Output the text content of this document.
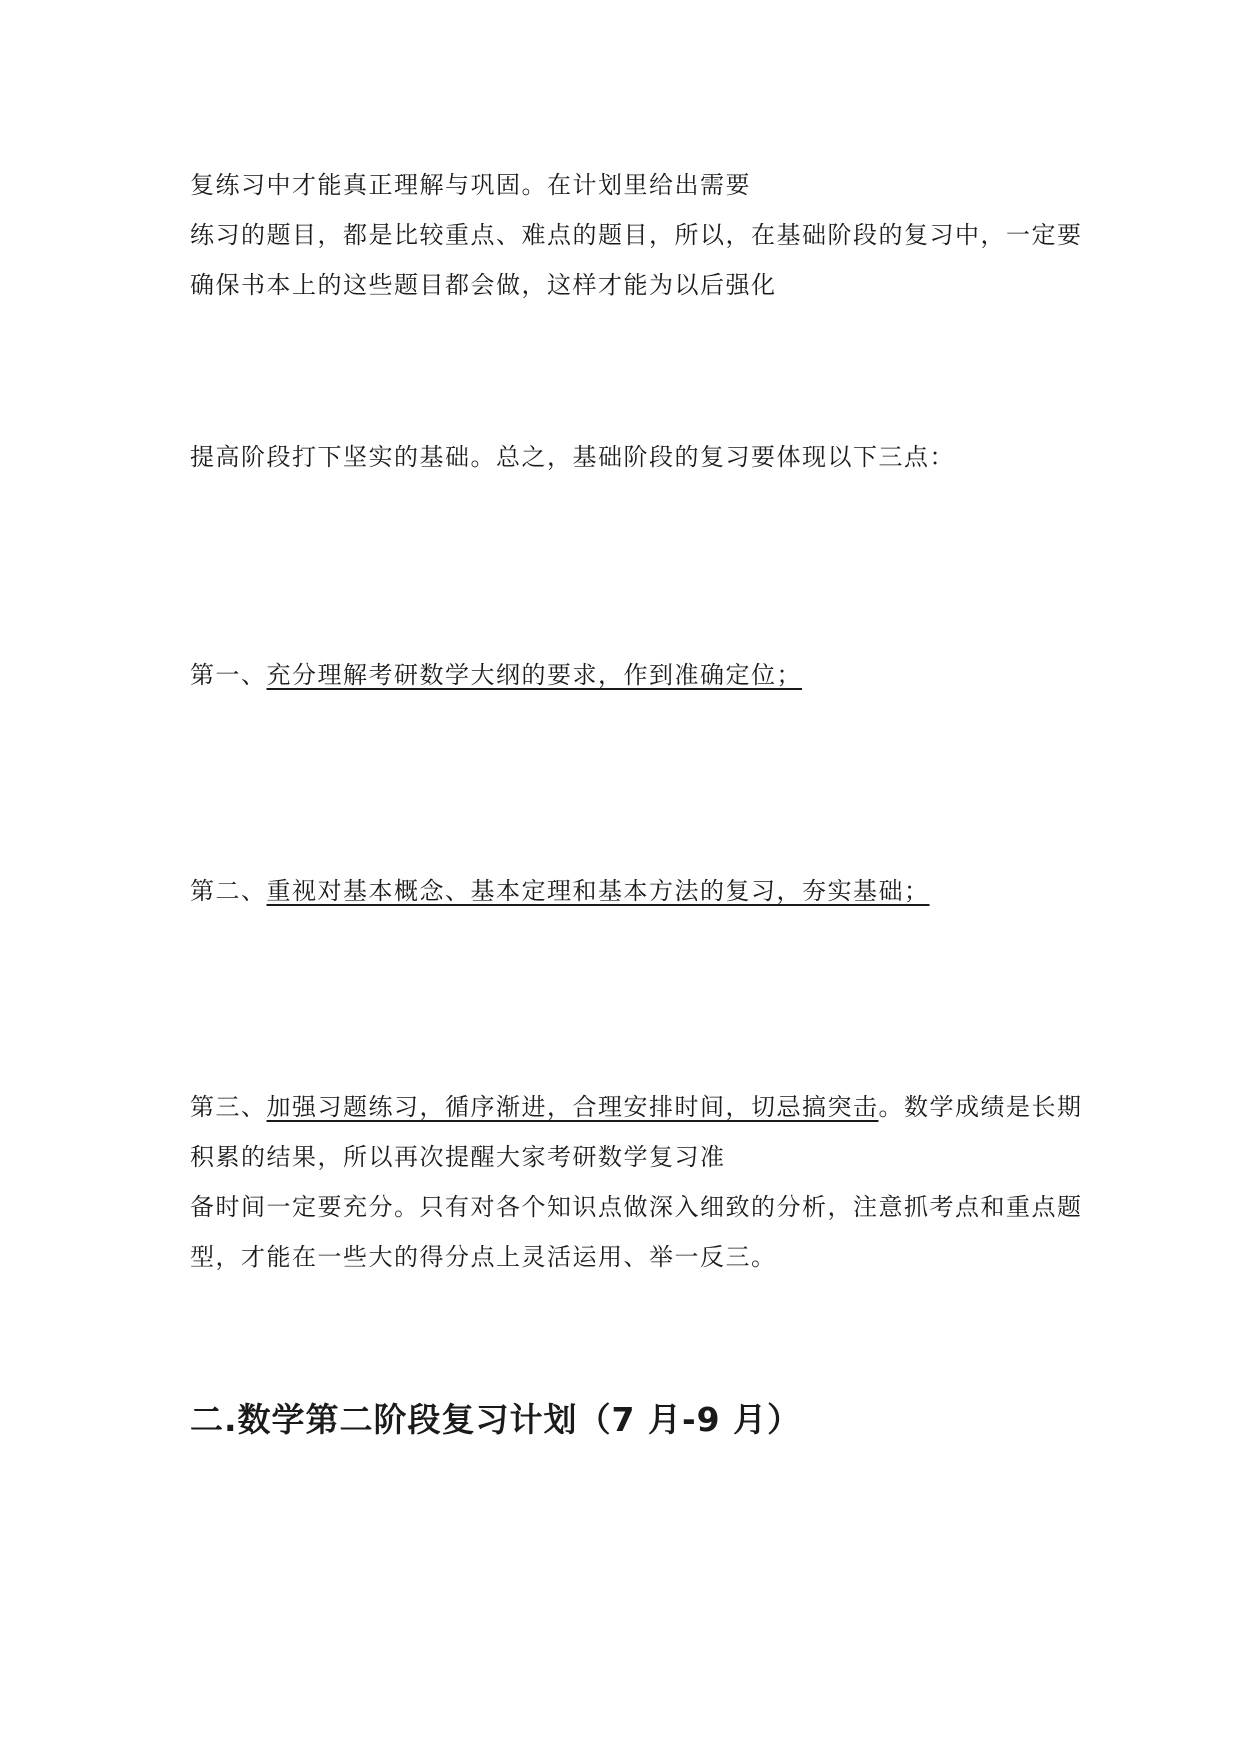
复练习中才能真正理解与巩固。在计划里给出需要
练习的题目，都是比较重点、难点的题目，所以，在基础阶段的复习中，一定要
确保书本上的这些题目都会做，这样才能为以后强化
提高阶段打下坚实的基础。总之，基础阶段的复习要体现以下三点：
第一、充分理解考研数学大纲的要求，作到准确定位；
第二、重视对基本概念、基本定理和基本方法的复习，夯实基础；
第三、加强习题练习，循序渐进，合理安排时间，切忌搞突击。数学成绩是长期
积累的结果，所以再次提醒大家考研数学复习准
备时间一定要充分。只有对各个知识点做深入细致的分析，注意抓考点和重点题
型，才能在一些大的得分点上灵活运用、举一反三。
二.数学第二阶段复习计划（7 月-9 月）
